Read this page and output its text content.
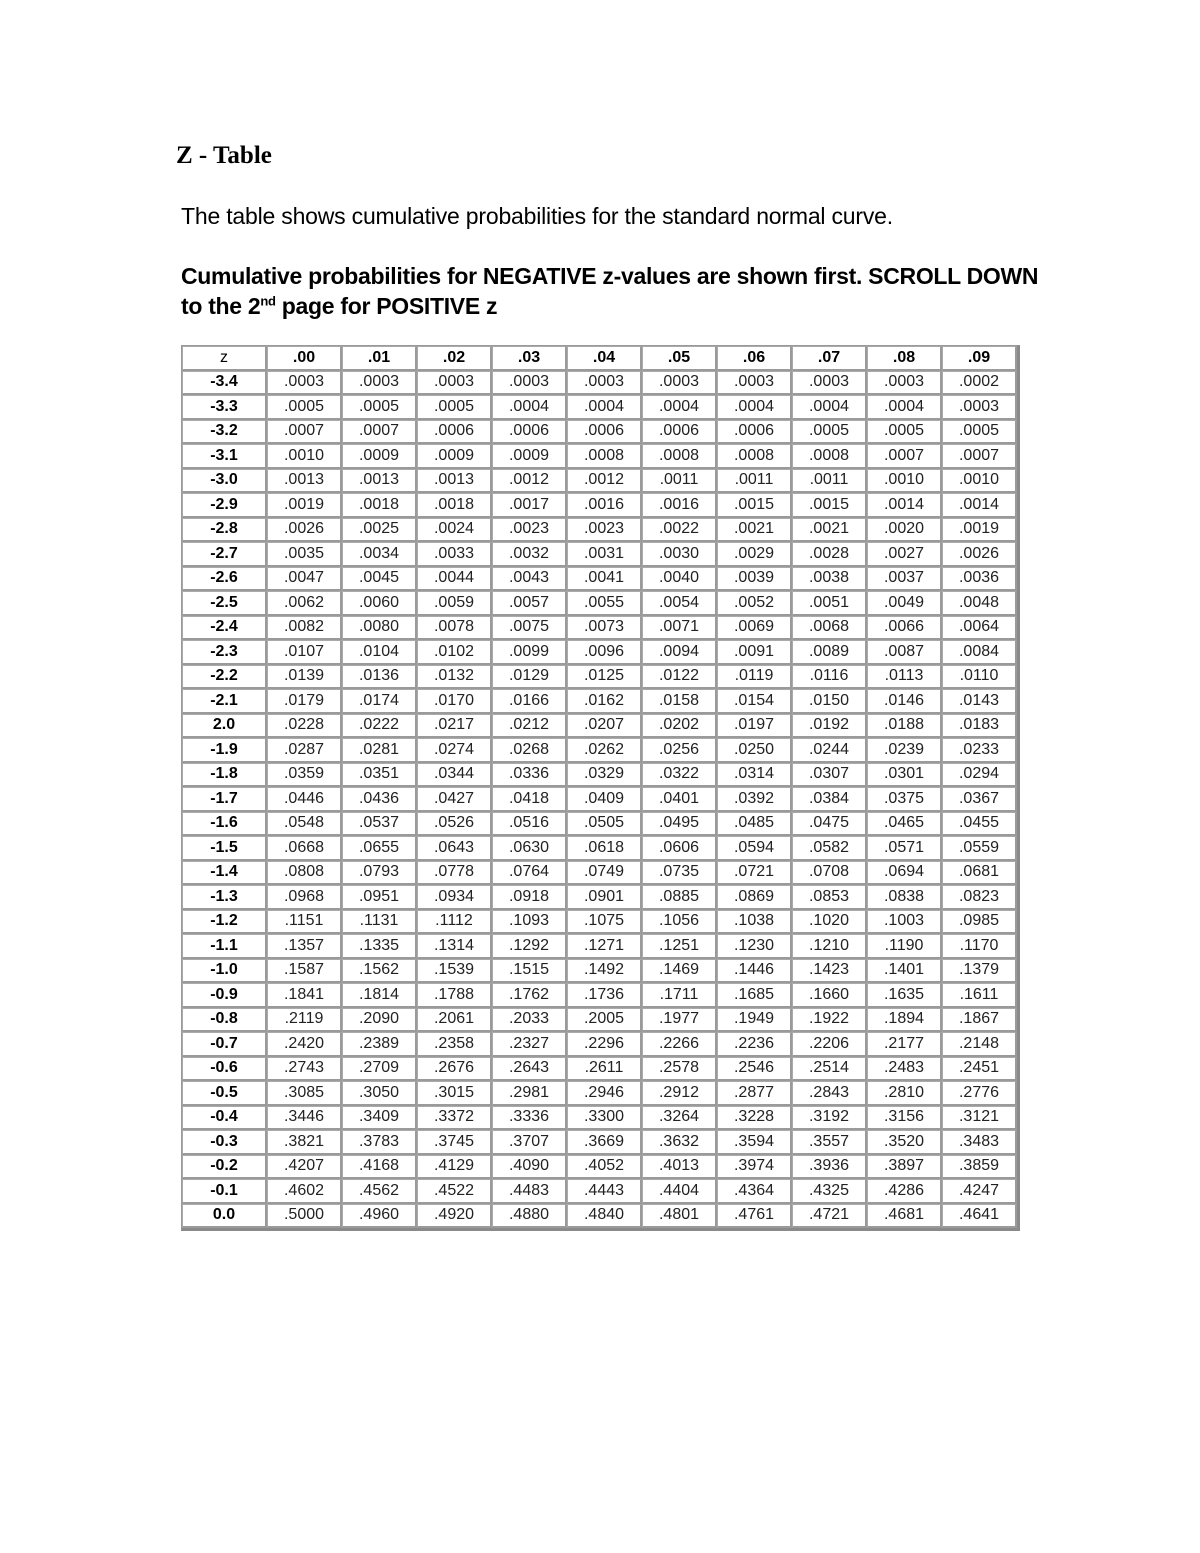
Z - Table

The table shows cumulative probabilities for the standard normal curve.

Cumulative probabilities for NEGATIVE z-values are shown first. SCROLL DOWN to the 2nd page for POSITIVE z

z	.00	.01	.02	.03	.04	.05	.06	.07	.08	.09
-3.4	.0003	.0003	.0003	.0003	.0003	.0003	.0003	.0003	.0003	.0002
-3.3	.0005	.0005	.0005	.0004	.0004	.0004	.0004	.0004	.0004	.0003
-3.2	.0007	.0007	.0006	.0006	.0006	.0006	.0006	.0005	.0005	.0005
-3.1	.0010	.0009	.0009	.0009	.0008	.0008	.0008	.0008	.0007	.0007
-3.0	.0013	.0013	.0013	.0012	.0012	.0011	.0011	.0011	.0010	.0010
-2.9	.0019	.0018	.0018	.0017	.0016	.0016	.0015	.0015	.0014	.0014
-2.8	.0026	.0025	.0024	.0023	.0023	.0022	.0021	.0021	.0020	.0019
-2.7	.0035	.0034	.0033	.0032	.0031	.0030	.0029	.0028	.0027	.0026
-2.6	.0047	.0045	.0044	.0043	.0041	.0040	.0039	.0038	.0037	.0036
-2.5	.0062	.0060	.0059	.0057	.0055	.0054	.0052	.0051	.0049	.0048
-2.4	.0082	.0080	.0078	.0075	.0073	.0071	.0069	.0068	.0066	.0064
-2.3	.0107	.0104	.0102	.0099	.0096	.0094	.0091	.0089	.0087	.0084
-2.2	.0139	.0136	.0132	.0129	.0125	.0122	.0119	.0116	.0113	.0110
-2.1	.0179	.0174	.0170	.0166	.0162	.0158	.0154	.0150	.0146	.0143
2.0	.0228	.0222	.0217	.0212	.0207	.0202	.0197	.0192	.0188	.0183
-1.9	.0287	.0281	.0274	.0268	.0262	.0256	.0250	.0244	.0239	.0233
-1.8	.0359	.0351	.0344	.0336	.0329	.0322	.0314	.0307	.0301	.0294
-1.7	.0446	.0436	.0427	.0418	.0409	.0401	.0392	.0384	.0375	.0367
-1.6	.0548	.0537	.0526	.0516	.0505	.0495	.0485	.0475	.0465	.0455
-1.5	.0668	.0655	.0643	.0630	.0618	.0606	.0594	.0582	.0571	.0559
-1.4	.0808	.0793	.0778	.0764	.0749	.0735	.0721	.0708	.0694	.0681
-1.3	.0968	.0951	.0934	.0918	.0901	.0885	.0869	.0853	.0838	.0823
-1.2	.1151	.1131	.1112	.1093	.1075	.1056	.1038	.1020	.1003	.0985
-1.1	.1357	.1335	.1314	.1292	.1271	.1251	.1230	.1210	.1190	.1170
-1.0	.1587	.1562	.1539	.1515	.1492	.1469	.1446	.1423	.1401	.1379
-0.9	.1841	.1814	.1788	.1762	.1736	.1711	.1685	.1660	.1635	.1611
-0.8	.2119	.2090	.2061	.2033	.2005	.1977	.1949	.1922	.1894	.1867
-0.7	.2420	.2389	.2358	.2327	.2296	.2266	.2236	.2206	.2177	.2148
-0.6	.2743	.2709	.2676	.2643	.2611	.2578	.2546	.2514	.2483	.2451
-0.5	.3085	.3050	.3015	.2981	.2946	.2912	.2877	.2843	.2810	.2776
-0.4	.3446	.3409	.3372	.3336	.3300	.3264	.3228	.3192	.3156	.3121
-0.3	.3821	.3783	.3745	.3707	.3669	.3632	.3594	.3557	.3520	.3483
-0.2	.4207	.4168	.4129	.4090	.4052	.4013	.3974	.3936	.3897	.3859
-0.1	.4602	.4562	.4522	.4483	.4443	.4404	.4364	.4325	.4286	.4247
0.0	.5000	.4960	.4920	.4880	.4840	.4801	.4761	.4721	.4681	.4641
